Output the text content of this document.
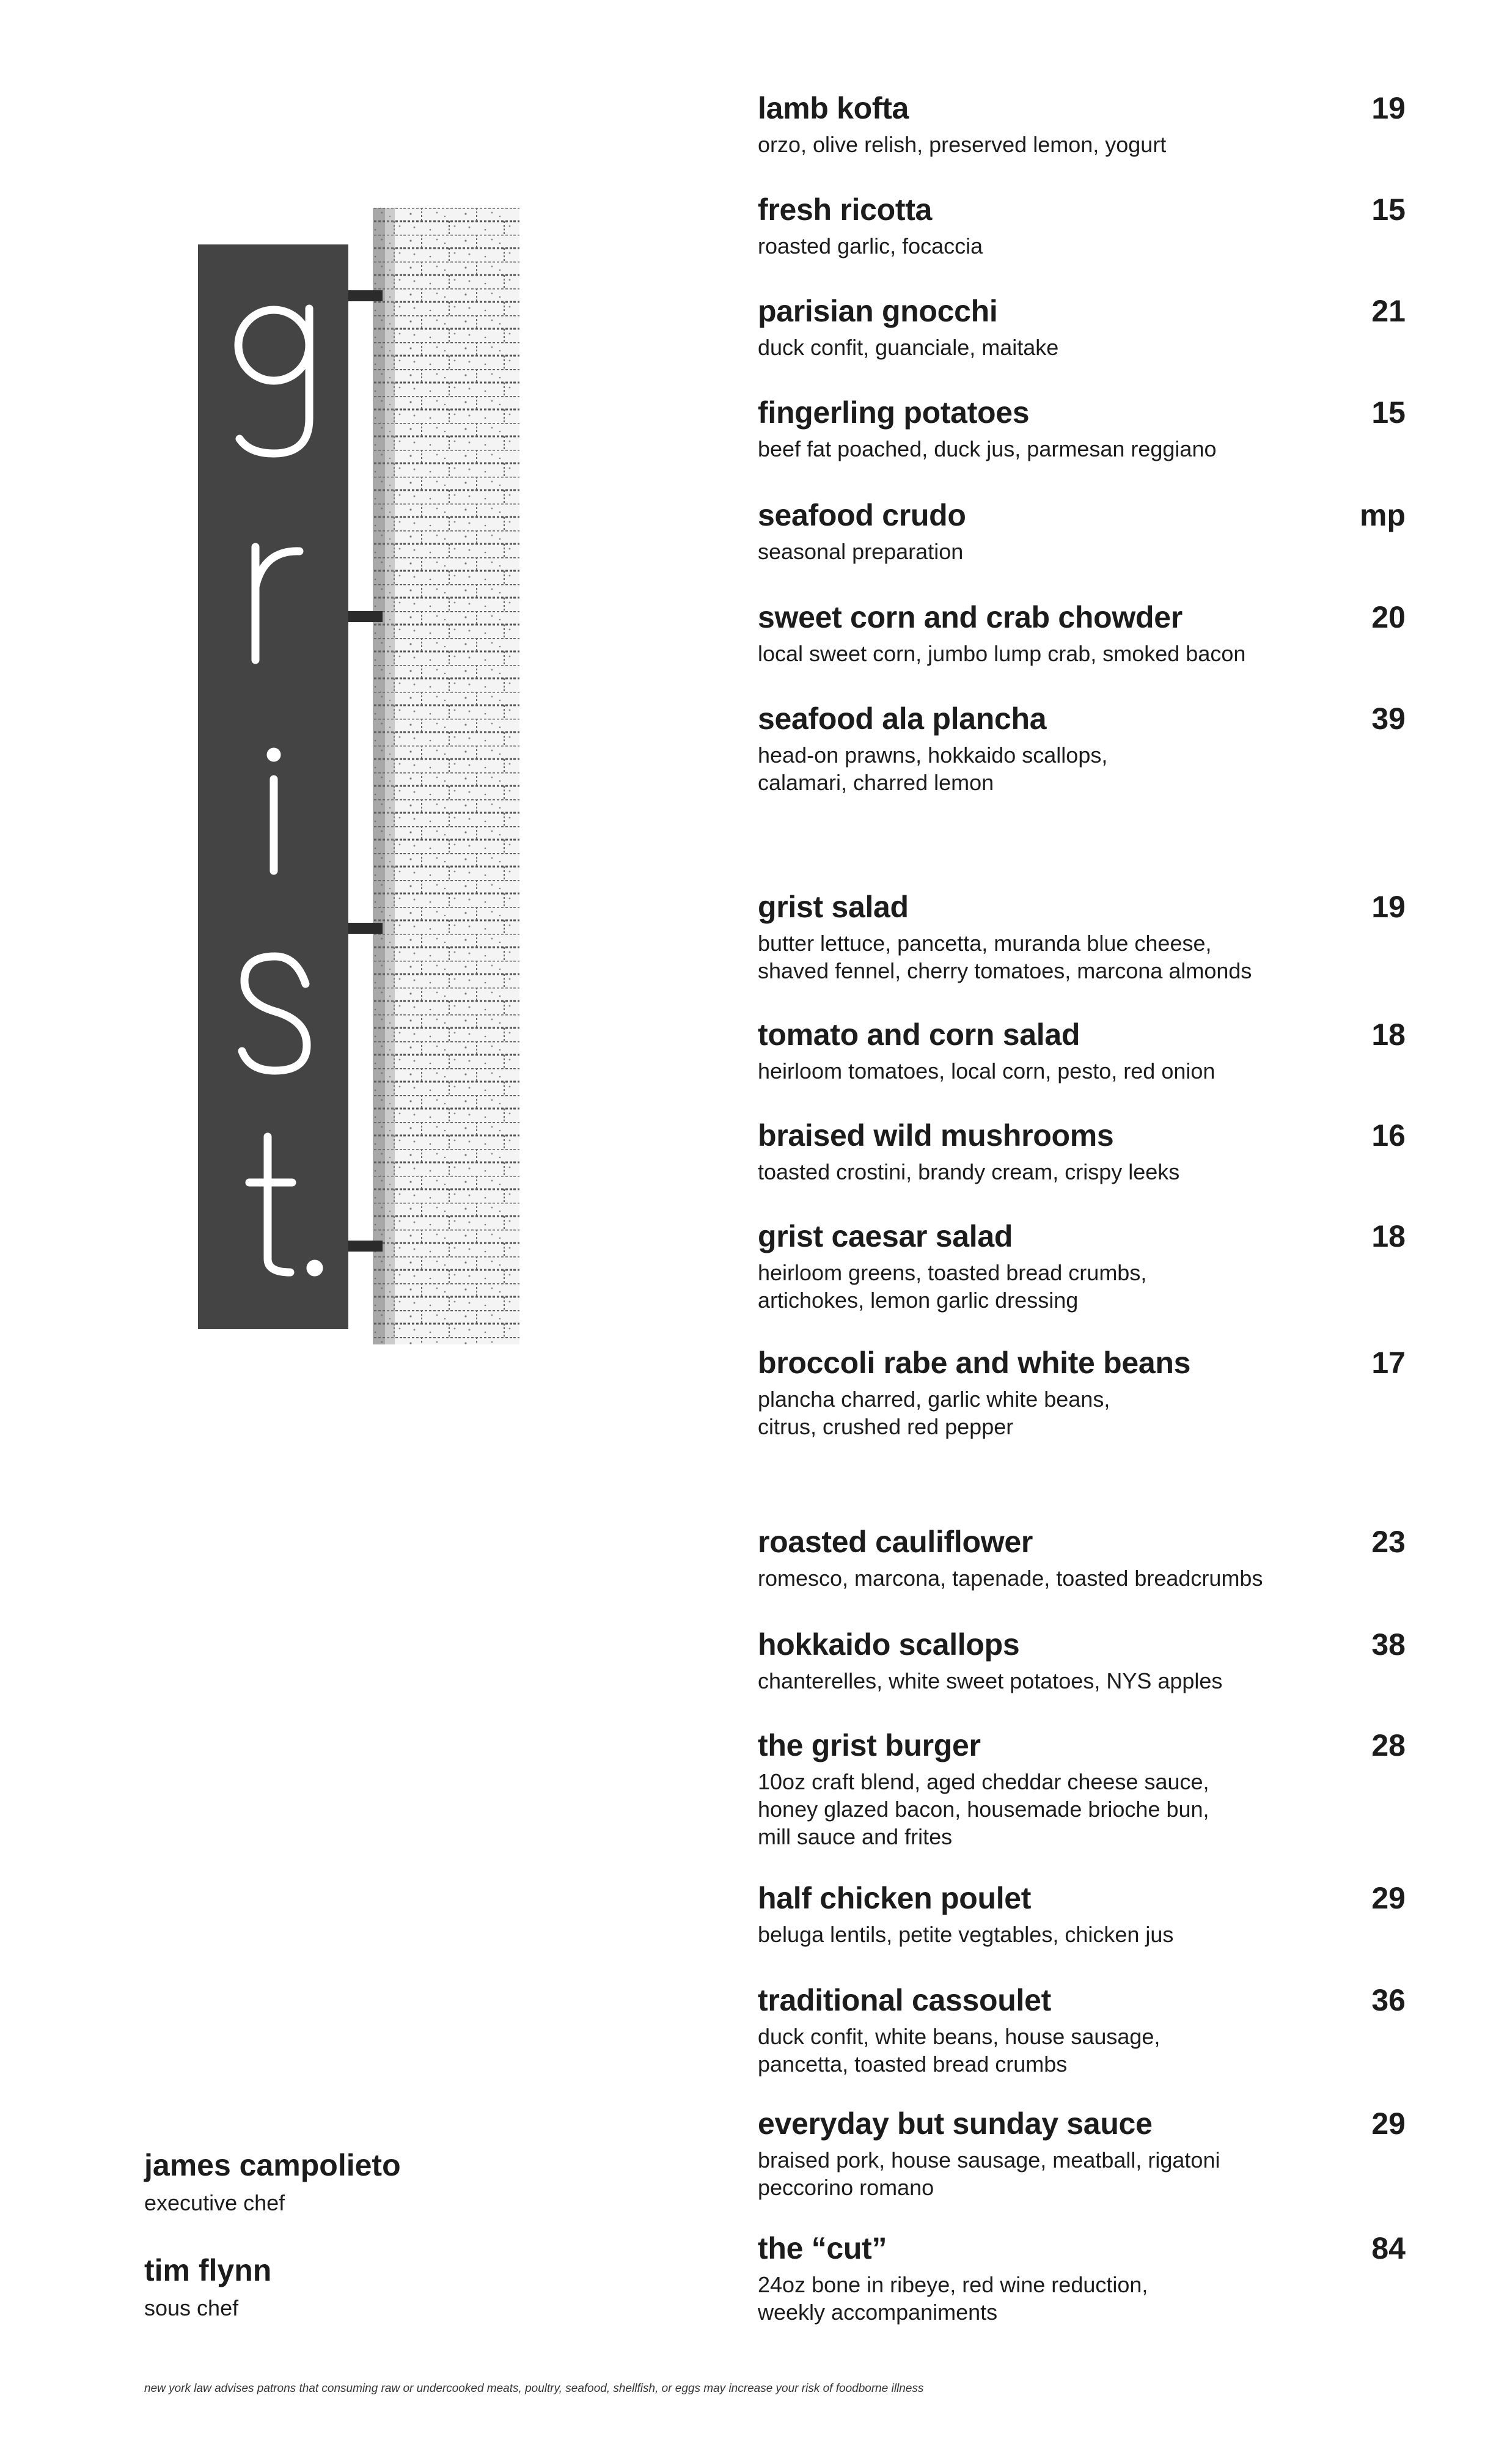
lamb kofta	19
orzo, olive relish, preserved lemon, yogurt
fresh ricotta	15
roasted garlic, focaccia
parisian gnocchi	21
duck confit, guanciale, maitake
fingerling potatoes	15
beef fat poached, duck jus, parmesan reggiano
seafood crudo	mp
seasonal preparation
sweet corn and crab chowder	20
local sweet corn, jumbo lump crab, smoked bacon
seafood ala plancha	39
head-on prawns, hokkaido scallops,
calamari, charred lemon
grist salad	19
butter lettuce, pancetta, muranda blue cheese,
shaved fennel, cherry tomatoes, marcona almonds
tomato and corn salad	18
heirloom tomatoes, local corn, pesto, red onion
braised wild mushrooms	16
toasted crostini, brandy cream, crispy leeks
grist caesar salad	18
heirloom greens, toasted bread crumbs,
artichokes, lemon garlic dressing
broccoli rabe and white beans	17
plancha charred, garlic white beans,
citrus, crushed red pepper
roasted cauliflower	23
romesco, marcona, tapenade, toasted breadcrumbs
hokkaido scallops	38
chanterelles, white sweet potatoes, NYS apples
the grist burger	28
10oz craft blend, aged cheddar cheese sauce,
honey glazed bacon, housemade brioche bun,
mill sauce and frites
half chicken poulet	29
beluga lentils, petite vegtables, chicken jus
traditional cassoulet	36
duck confit, white beans, house sausage,
pancetta, toasted bread crumbs
everyday but sunday sauce	29
braised pork, house sausage, meatball, rigatoni
peccorino romano
the “cut”	84
24oz bone in ribeye, red wine reduction,
weekly accompaniments
james campolieto
executive chef
tim flynn
sous chef
new york law advises patrons that consuming raw or undercooked meats, poultry, seafood, shellfish, or eggs may increase your risk of foodborne illness
